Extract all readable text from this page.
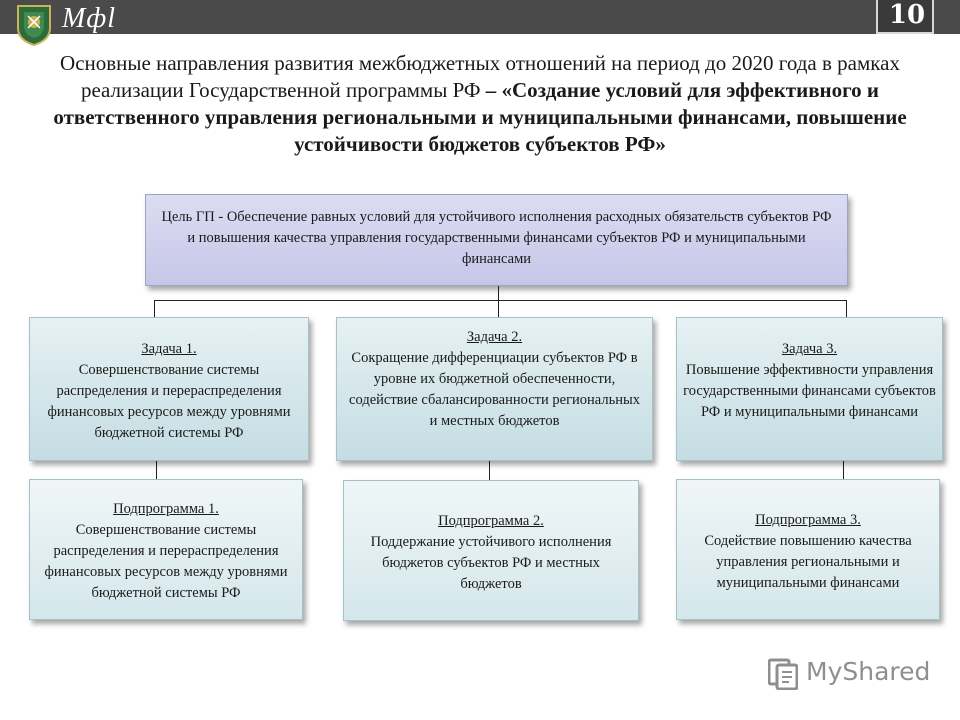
Мфl	10
Основные направления развития межбюджетных отношений на период до 2020 года в рамках реализации Государственной программы РФ – «Создание условий для эффективного и ответственного управления региональными и муниципальными финансами, повышение устойчивости бюджетов субъектов РФ»
Цель ГП - Обеспечение равных условий для устойчивого исполнения расходных обязательств субъектов РФ и повышения качества управления государственными финансами субъектов РФ и муниципальными финансами
Задача 1.
Совершенствование системы распределения и перераспределения финансовых ресурсов между уровнями бюджетной системы РФ
Задача 2.
Сокращение дифференциации субъектов РФ в уровне их бюджетной обеспеченности, содействие сбалансированности региональных и местных бюджетов
Задача 3.
Повышение эффективности управления государственными финансами субъектов РФ и муниципальными финансами
Подпрограмма 1.
Совершенствование системы распределения и перераспределения финансовых ресурсов между уровнями бюджетной системы РФ
Подпрограмма 2.
Поддержание устойчивого исполнения бюджетов субъектов РФ и местных бюджетов
Подпрограмма 3.
Содействие повышению качества управления региональными и муниципальными финансами
MyShared
